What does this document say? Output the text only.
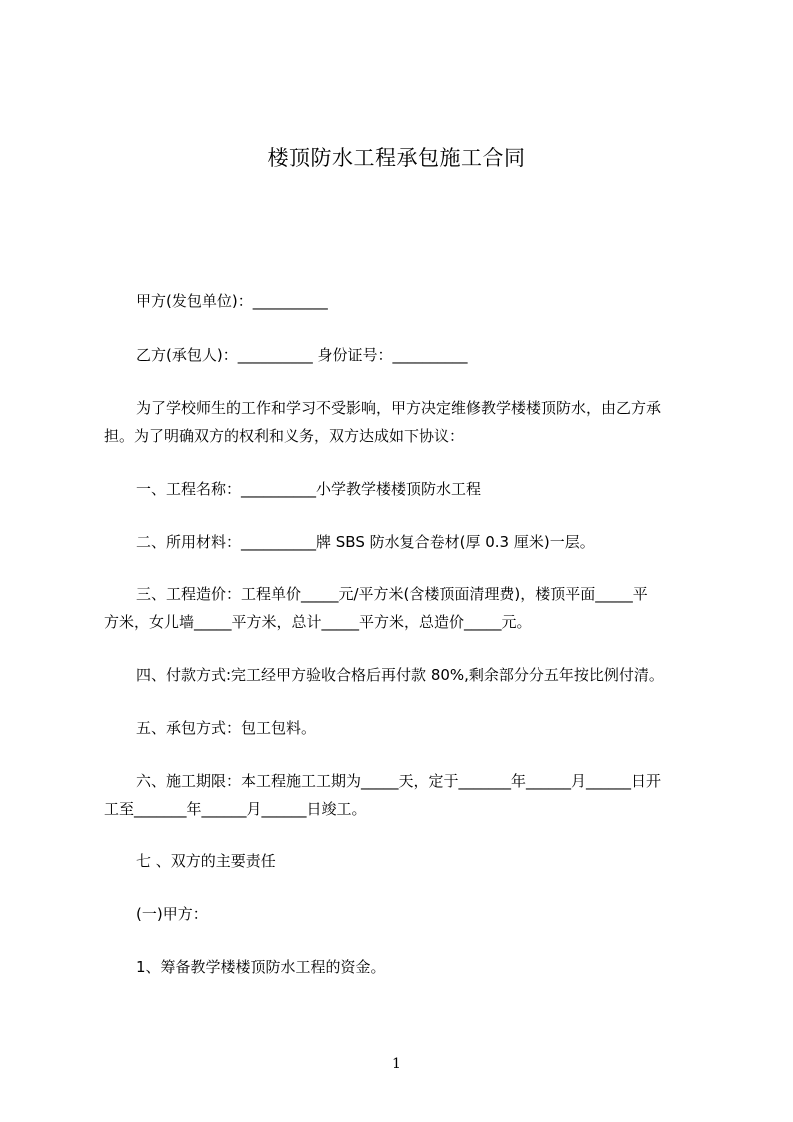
楼顶防水工程承包施工合同
甲方(发包单位)：__________
乙方(承包人)：__________ 身份证号：__________
为了学校师生的工作和学习不受影响，甲方决定维修教学楼楼顶防水，由乙方承
担。为了明确双方的权利和义务，双方达成如下协议：
一、工程名称：__________小学教学楼楼顶防水工程
二、所用材料：__________牌 SBS 防水复合卷材(厚 0.3 厘米)一层。
三、工程造价：工程单价_____元/平方米(含楼顶面清理费)，楼顶平面_____平
方米，女儿墙_____平方米，总计_____平方米，总造价_____元。
四、付款方式:完工经甲方验收合格后再付款 80%,剩余部分分五年按比例付清。
五、承包方式：包工包料。
六、施工期限：本工程施工工期为_____天，定于_______年______月______日开
工至_______年______月______日竣工。
七 、双方的主要责任
(一)甲方：
1、筹备教学楼楼顶防水工程的资金。
1
